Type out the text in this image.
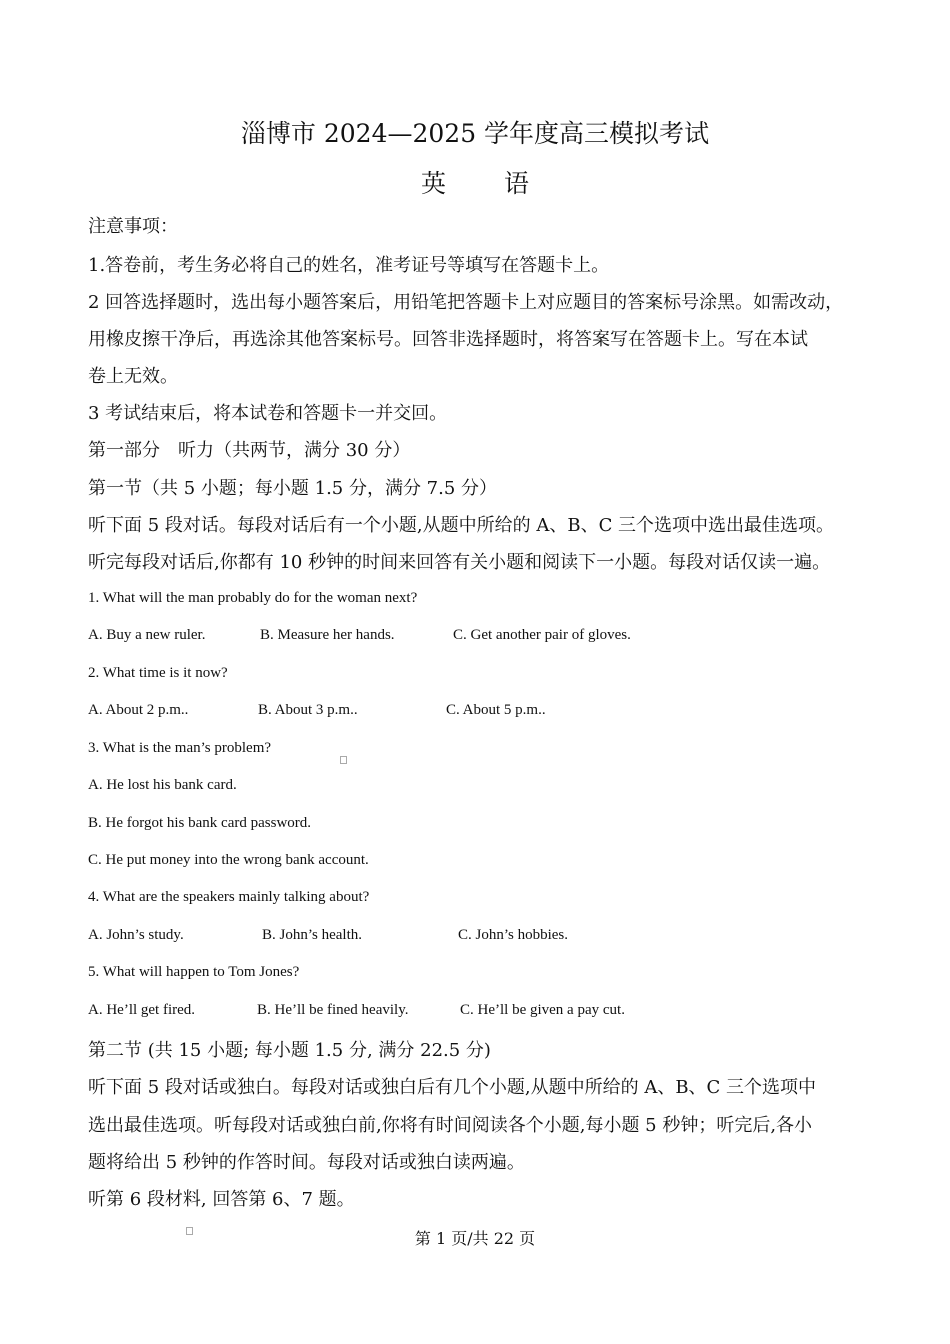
淄博市 2024—2025 学年度高三模拟考试
英语
注意事项：
1.答卷前，考生务必将自己的姓名，准考证号等填写在答题卡上。
2 回答选择题时，选出每小题答案后，用铅笔把答题卡上对应题目的答案标号涂黑。如需改动，
用橡皮擦干净后，再选涂其他答案标号。回答非选择题时，将答案写在答题卡上。写在本试
卷上无效。
3 考试结束后，将本试卷和答题卡一并交回。
第一部分　听力（共两节，满分 30 分）
第一节（共 5 小题；每小题 1.5 分，满分 7.5 分）
听下面 5 段对话。每段对话后有一个小题,从题中所给的 A、B、C 三个选项中选出最佳选项。
听完每段对话后,你都有 10 秒钟的时间来回答有关小题和阅读下一小题。每段对话仅读一遍。
1. What will the man probably do for the woman next?
A. Buy a new ruler.	B. Measure her hands.	C. Get another pair of gloves.
2. What time is it now?
A. About 2 p.m..	B. About 3 p.m..	C. About 5 p.m..
3. What is the man’s problem?
A. He lost his bank card.
B. He forgot his bank card password.
C. He put money into the wrong bank account.
4. What are the speakers mainly talking about?
A. John’s study.	B. John’s health.	C. John’s hobbies.
5. What will happen to Tom Jones?
A. He’ll get fired.	B. He’ll be fined heavily.	C. He’ll be given a pay cut.
第二节 (共 15 小题; 每小题 1.5 分, 满分 22.5 分)
听下面 5 段对话或独白。每段对话或独白后有几个小题,从题中所给的 A、B、C 三个选项中
选出最佳选项。听每段对话或独白前,你将有时间阅读各个小题,每小题 5 秒钟；听完后,各小
题将给出 5 秒钟的作答时间。每段对话或独白读两遍。
听第 6 段材料, 回答第 6、7 题。
第 1 页/共 22 页
